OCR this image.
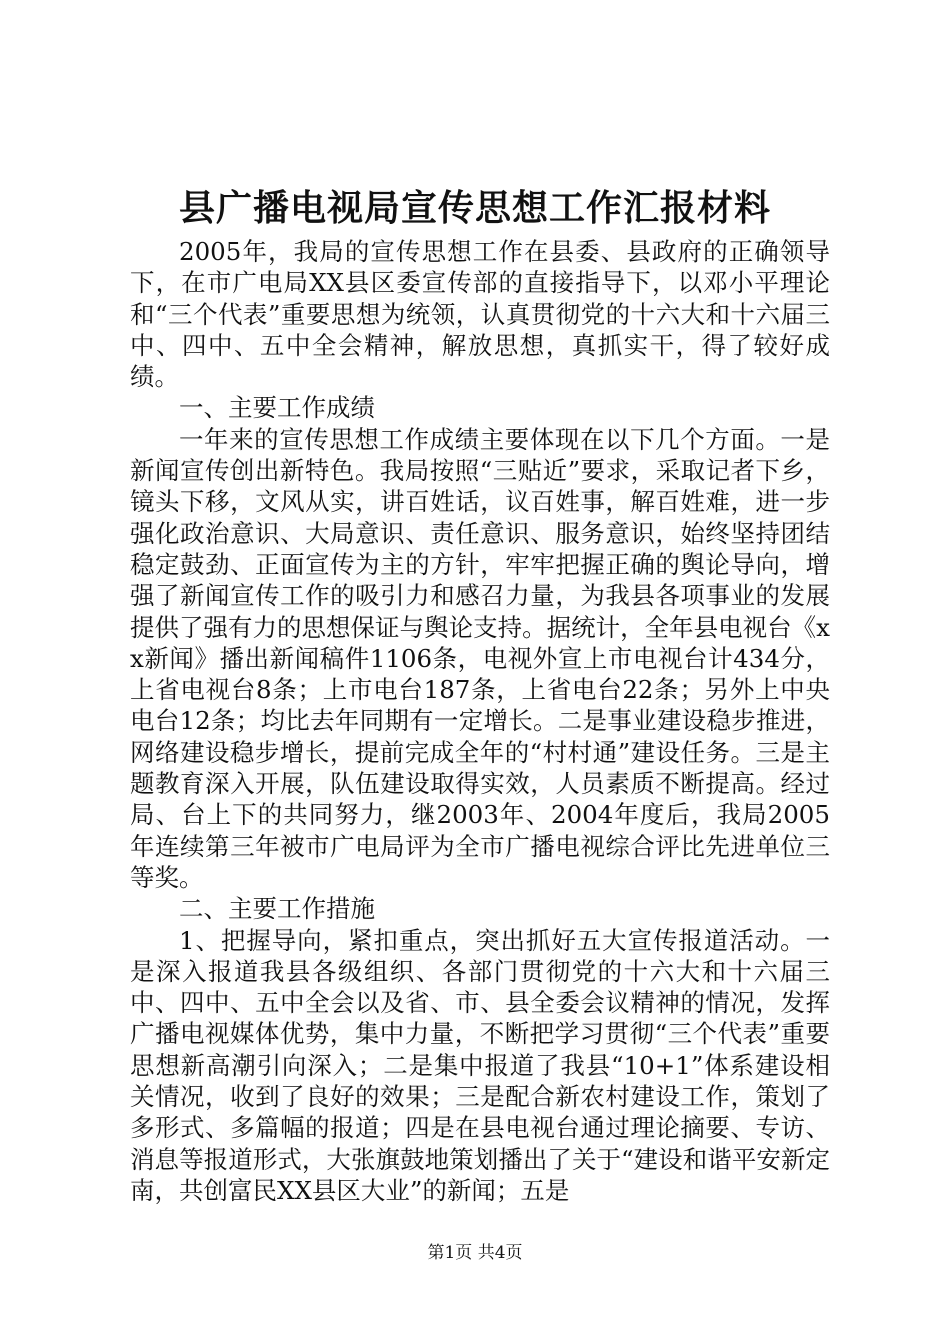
县广播电视局宣传思想工作汇报材料

2005年，我局的宣传思想工作在县委、县政府的正确领导下，在市广电局XX县区委宣传部的直接指导下，以邓小平理论和“三个代表”重要思想为统领，认真贯彻党的十六大和十六届三中、四中、五中全会精神，解放思想，真抓实干，得了较好成绩。

一、主要工作成绩

一年来的宣传思想工作成绩主要体现在以下几个方面。一是新闻宣传创出新特色。我局按照“三贴近”要求，采取记者下乡，镜头下移，文风从实，讲百姓话，议百姓事，解百姓难，进一步强化政治意识、大局意识、责任意识、服务意识，始终坚持团结稳定鼓劲、正面宣传为主的方针，牢牢把握正确的舆论导向，增强了新闻宣传工作的吸引力和感召力量，为我县各项事业的发展提供了强有力的思想保证与舆论支持。据统计，全年县电视台《xx新闻》播出新闻稿件1106条，电视外宣上市电视台计434分，上省电视台8条；上市电台187条，上省电台22条；另外上中央电台12条；均比去年同期有一定增长。二是事业建设稳步推进，网络建设稳步增长，提前完成全年的“村村通”建设任务。三是主题教育深入开展，队伍建设取得实效，人员素质不断提高。经过局、台上下的共同努力，继2003年、2004年度后，我局2005年连续第三年被市广电局评为全市广播电视综合评比先进单位三等奖。

二、主要工作措施

1、把握导向，紧扣重点，突出抓好五大宣传报道活动。一是深入报道我县各级组织、各部门贯彻党的十六大和十六届三中、四中、五中全会以及省、市、县全委会议精神的情况，发挥广播电视媒体优势，集中力量，不断把学习贯彻“三个代表”重要思想新高潮引向深入；二是集中报道了我县“10+1”体系建设相关情况，收到了良好的效果；三是配合新农村建设工作，策划了多形式、多篇幅的报道；四是在县电视台通过理论摘要、专访、消息等报道形式，大张旗鼓地策划播出了关于“建设和谐平安新定南，共创富民XX县区大业”的新闻；五是

第1页 共4页
